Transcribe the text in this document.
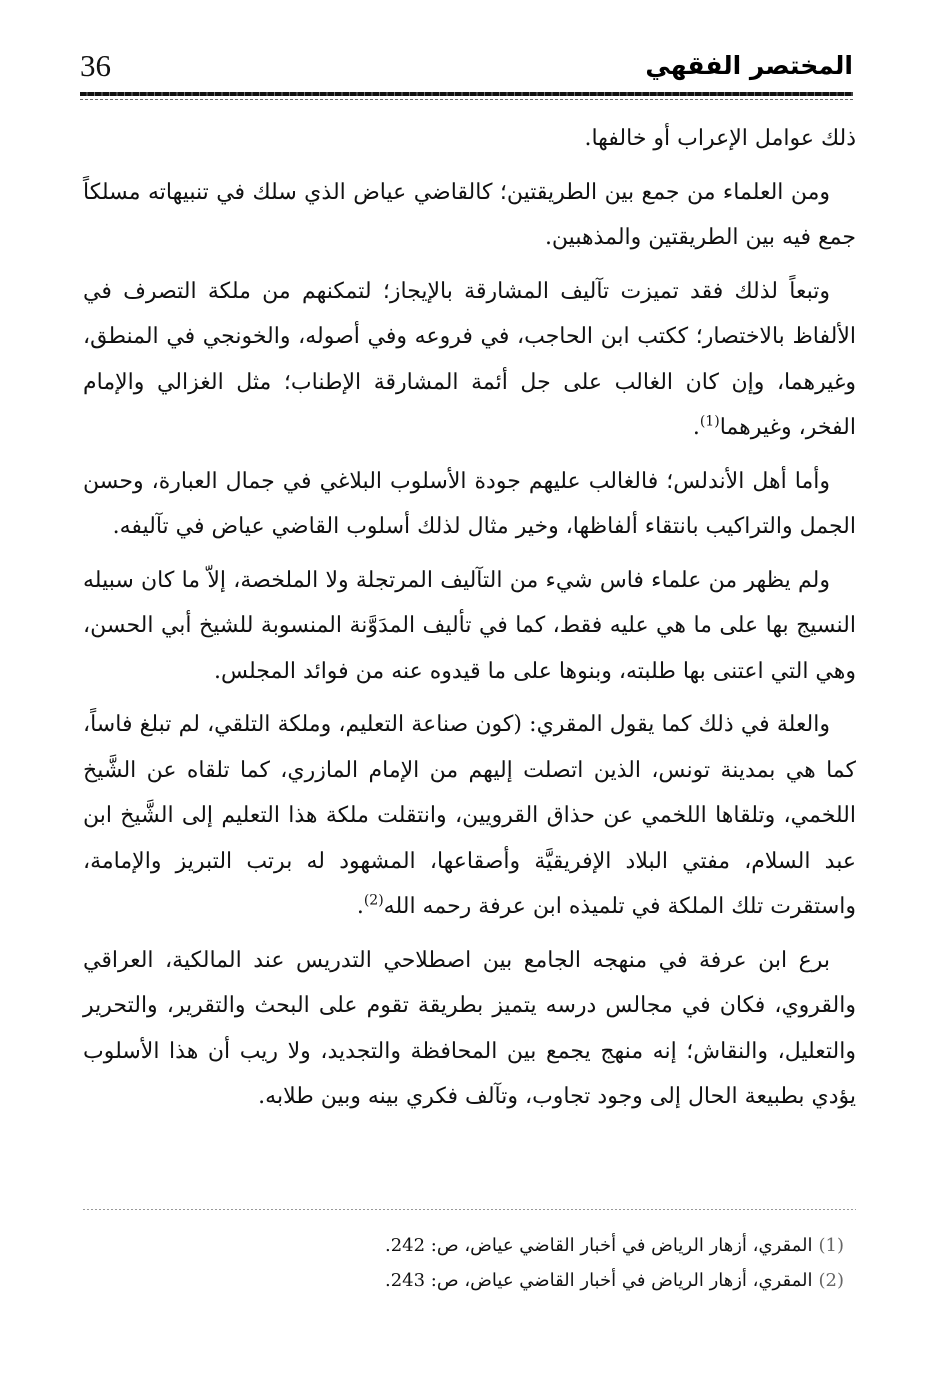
36	المختصر الفقهي

ذلك عوامل الإعراب أو خالفها.

ومن العلماء من جمع بين الطريقتين؛ كالقاضي عياض الذي سلك في تنبيهاته مسلكاً جمع فيه بين الطريقتين والمذهبين.

وتبعاً لذلك فقد تميزت تآليف المشارقة بالإيجاز؛ لتمكنهم من ملكة التصرف في الألفاظ بالاختصار؛ ككتب ابن الحاجب، في فروعه وفي أصوله، والخونجي في المنطق، وغيرهما، وإن كان الغالب على جل أئمة المشارقة الإطناب؛ مثل الغزالي والإمام الفخر، وغيرهما$^{(1)}$.

وأما أهل الأندلس؛ فالغالب عليهم جودة الأسلوب البلاغي في جمال العبارة، وحسن الجمل والتراكيب بانتقاء ألفاظها، وخير مثال لذلك أسلوب القاضي عياض في تآليفه.

ولم يظهر من علماء فاس شيء من التآليف المرتجلة ولا الملخصة، إلاّ ما كان سبيله النسيج بها على ما هي عليه فقط، كما في تأليف المدَوَّنة المنسوبة للشيخ أبي الحسن، وهي التي اعتنى بها طلبته، وبنوها على ما قيدوه عنه من فوائد المجلس.

والعلة في ذلك كما يقول المقري: (كون صناعة التعليم، وملكة التلقي، لم تبلغ فاساً، كما هي بمدينة تونس، الذين اتصلت إليهم من الإمام المازري، كما تلقاه عن الشَّيخ اللخمي، وتلقاها اللخمي عن حذاق القرويين، وانتقلت ملكة هذا التعليم إلى الشَّيخ ابن عبد السلام، مفتي البلاد الإفريقيَّة وأصقاعها، المشهود له برتب التبريز والإمامة، واستقرت تلك الملكة في تلميذه ابن عرفة رحمه الله$^{(2)}$.

برع ابن عرفة في منهجه الجامع بين اصطلاحي التدريس عند المالكية، العراقي والقروي، فكان في مجالس درسه يتميز بطريقة تقوم على البحث والتقرير، والتحرير والتعليل، والنقاش؛ إنه منهج يجمع بين المحافظة والتجديد، ولا ريب أن هذا الأسلوب يؤدي بطبيعة الحال إلى وجود تجاوب، وتآلف فكري بينه وبين طلابه.

(1)المقري، أزهار الرياض في أخبار القاضي عياض، ص: 242.

(2)المقري، أزهار الرياض في أخبار القاضي عياض، ص: 243.
